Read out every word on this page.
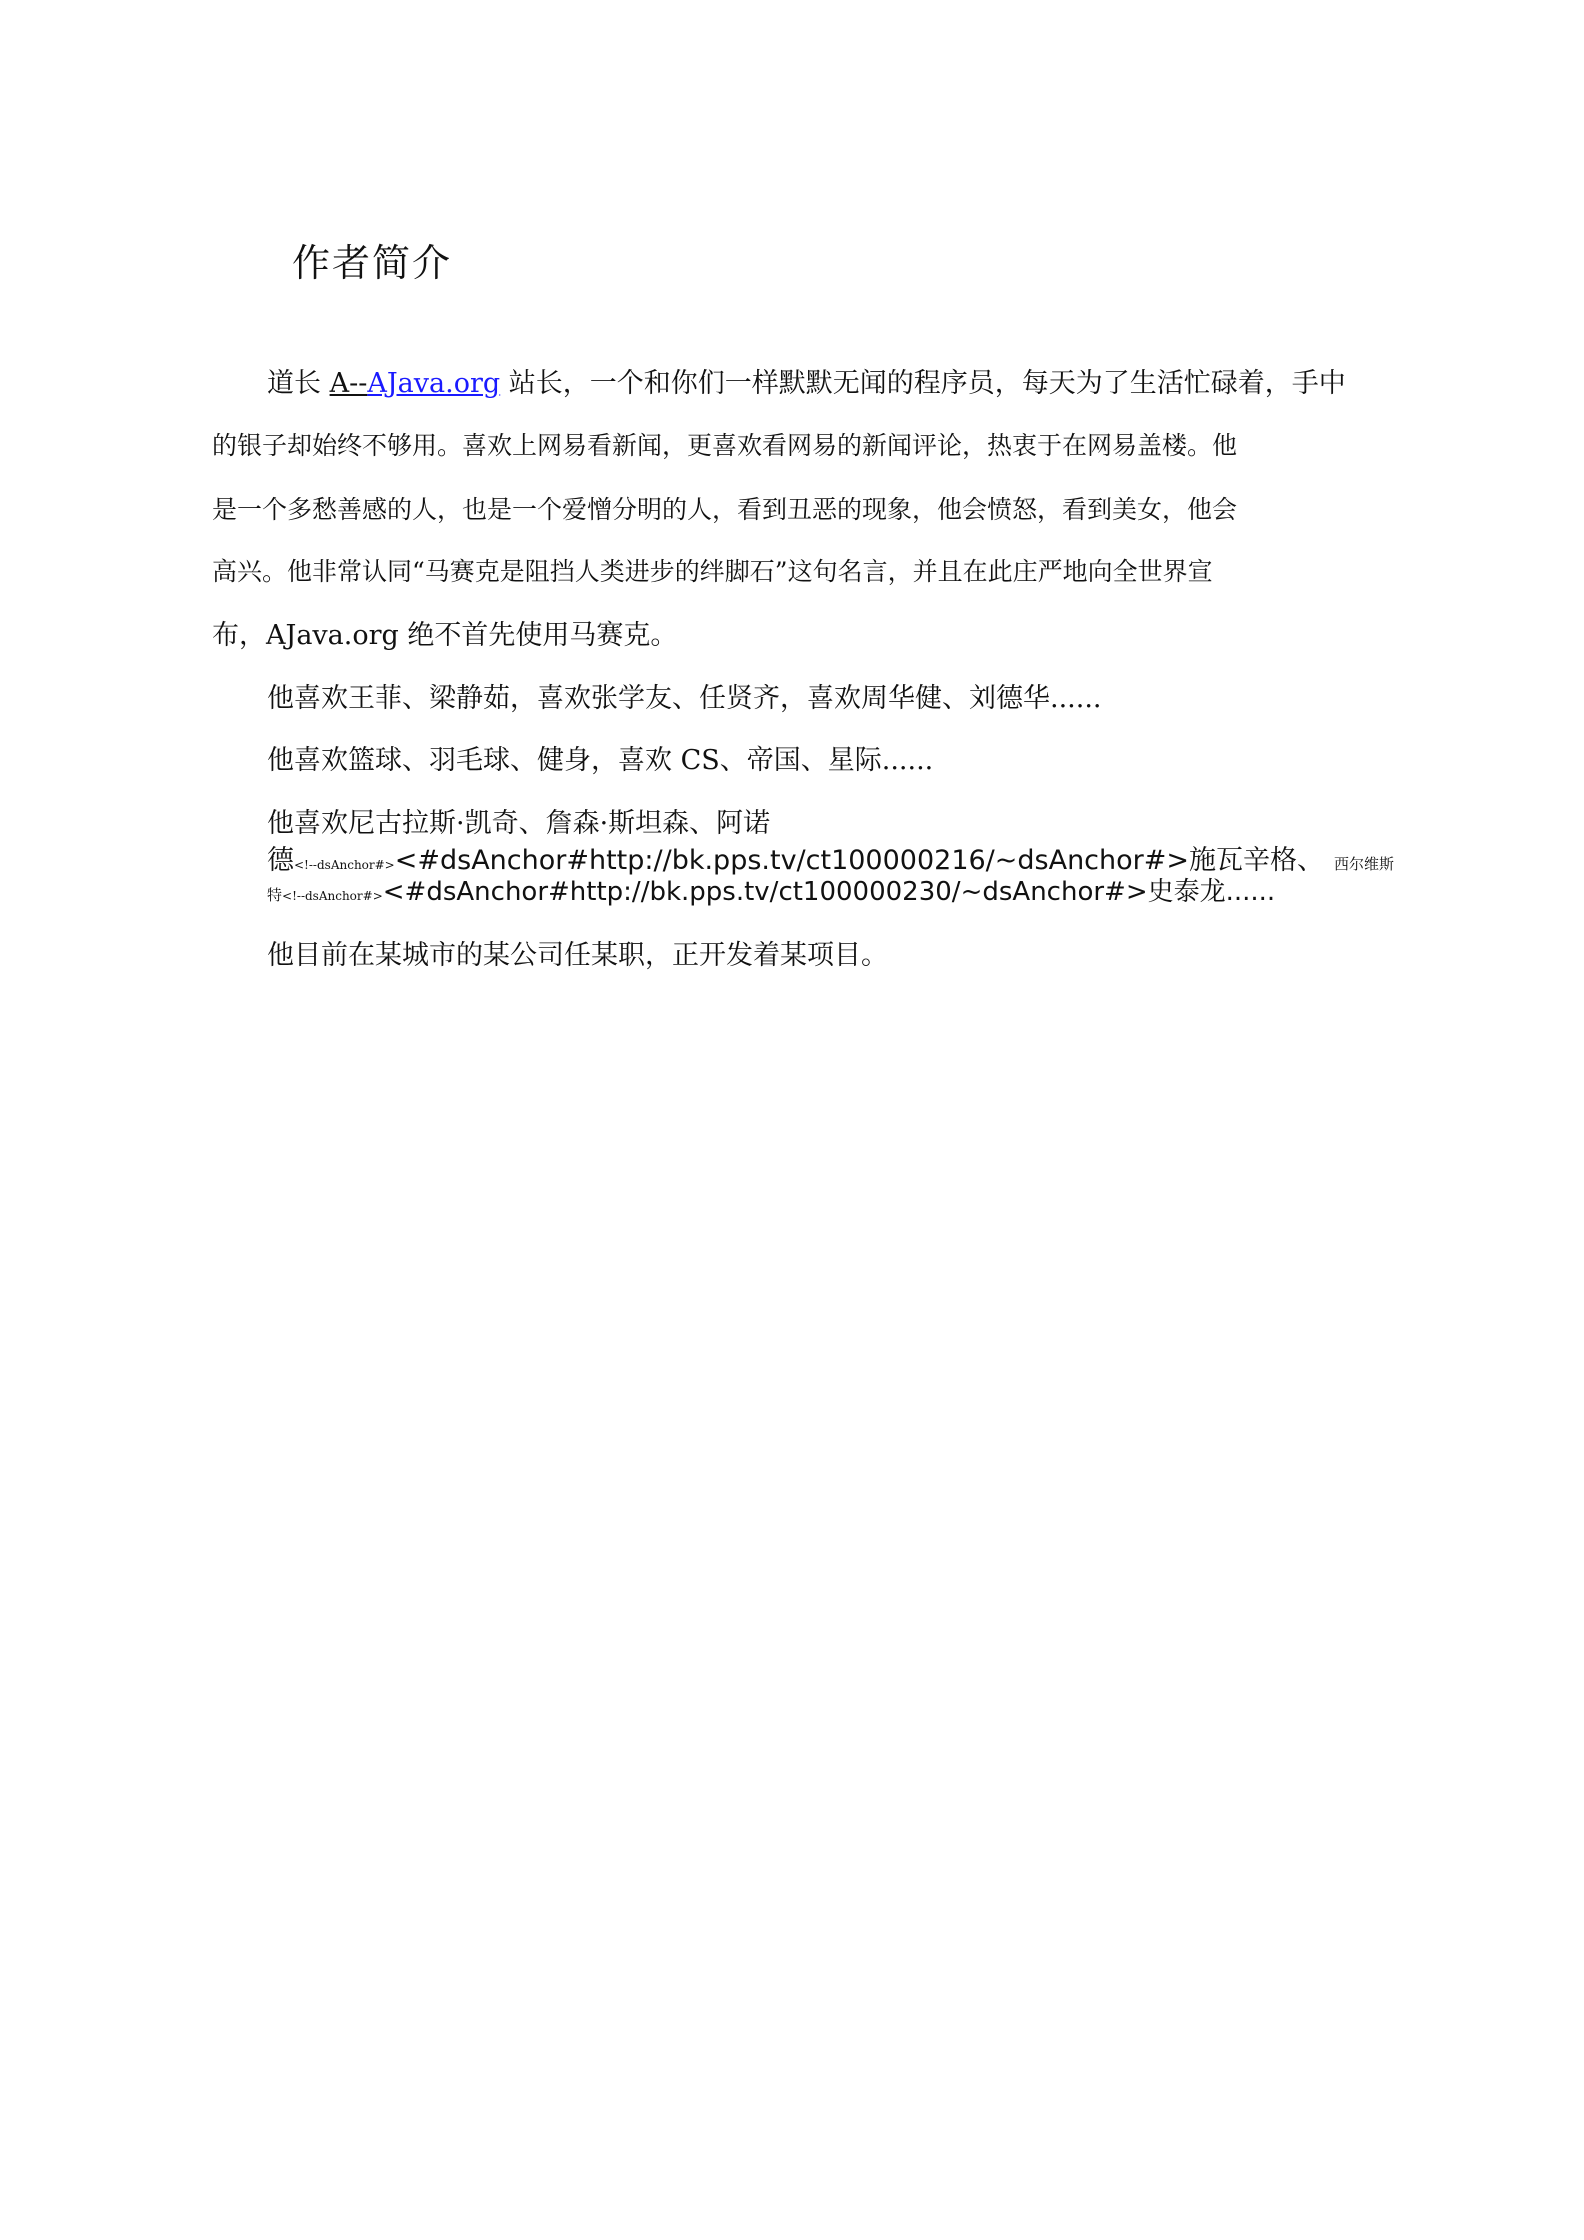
作者简介
道长 A--AJava.org 站长，一个和你们一样默默无闻的程序员，每天为了生活忙碌着，手中
的银子却始终不够用。喜欢上网易看新闻，更喜欢看网易的新闻评论，热衷于在网易盖楼。他
是一个多愁善感的人，也是一个爱憎分明的人，看到丑恶的现象，他会愤怒，看到美女，他会
高兴。他非常认同“马赛克是阻挡人类进步的绊脚石”这句名言，并且在此庄严地向全世界宣
布，AJava.org 绝不首先使用马赛克。
他喜欢王菲、梁静茹，喜欢张学友、任贤齐，喜欢周华健、刘德华......
他喜欢篮球、羽毛球、健身，喜欢 CS、帝国、星际......
他喜欢尼古拉斯·凯奇、詹森·斯坦森、阿诺
德<!--dsAnchor#><#dsAnchor#http://bk.pps.tv/ct100000216/~dsAnchor#>施瓦辛格、 西尔维斯
特<!--dsAnchor#><#dsAnchor#http://bk.pps.tv/ct100000230/~dsAnchor#>史泰龙......
他目前在某城市的某公司任某职，正开发着某项目。
